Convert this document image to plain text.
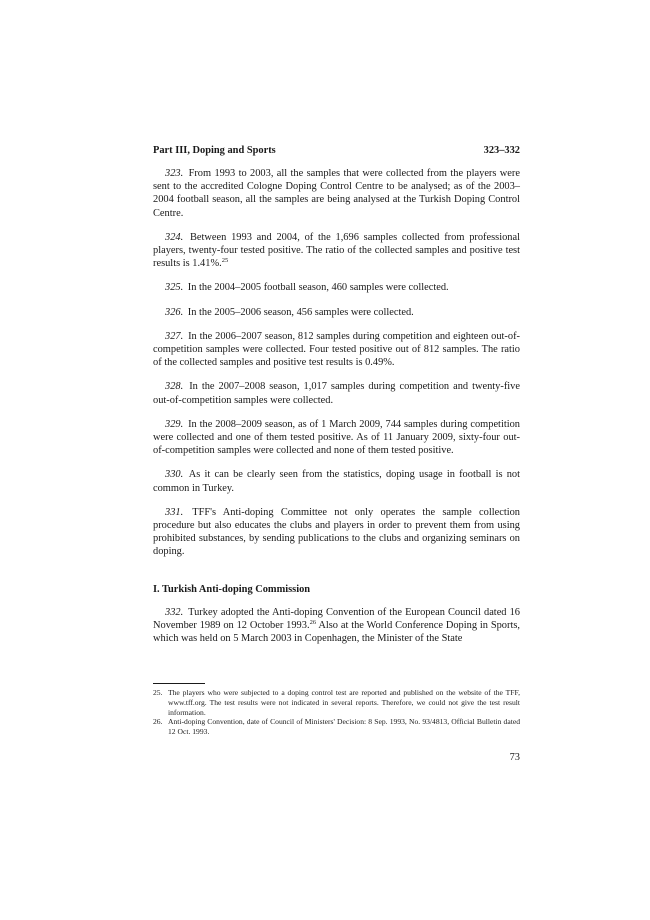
Part III, Doping and Sports	323–332

323. From 1993 to 2003, all the samples that were collected from the players were sent to the accredited Cologne Doping Control Centre to be analysed; as of the 2003–2004 football season, all the samples are being analysed at the Turkish Doping Control Centre.

324. Between 1993 and 2004, of the 1,696 samples collected from professional players, twenty-four tested positive. The ratio of the collected samples and positive test results is 1.41%.$^{25}$

325. In the 2004–2005 football season, 460 samples were collected.

326. In the 2005–2006 season, 456 samples were collected.

327. In the 2006–2007 season, 812 samples during competition and eighteen out-of-competition samples were collected. Four tested positive out of 812 samples. The ratio of the collected samples and positive test results is 0.49%.

328. In the 2007–2008 season, 1,017 samples during competition and twenty-five out-of-competition samples were collected.

329. In the 2008–2009 season, as of 1 March 2009, 744 samples during competition were collected and one of them tested positive. As of 11 January 2009, sixty-four out-of-competition samples were collected and none of them tested positive.

330. As it can be clearly seen from the statistics, doping usage in football is not common in Turkey.

331. TFF's Anti-doping Committee not only operates the sample collection procedure but also educates the clubs and players in order to prevent them from using prohibited substances, by sending publications to the clubs and organizing seminars on doping.

I. Turkish Anti-doping Commission

332. Turkey adopted the Anti-doping Convention of the European Council dated 16 November 1989 on 12 October 1993.26 Also at the World Conference Doping in Sports, which was held on 5 March 2003 in Copenhagen, the Minister of the State

25. The players who were subjected to a doping control test are reported and published on the website of the TFF, www.tff.org. The test results were not indicated in several reports. Therefore, we could not give the test result information.
26. Anti-doping Convention, date of Council of Ministers' Decision: 8 Sep. 1993, No. 93/4813, Official Bulletin dated 12 Oct. 1993.
73
